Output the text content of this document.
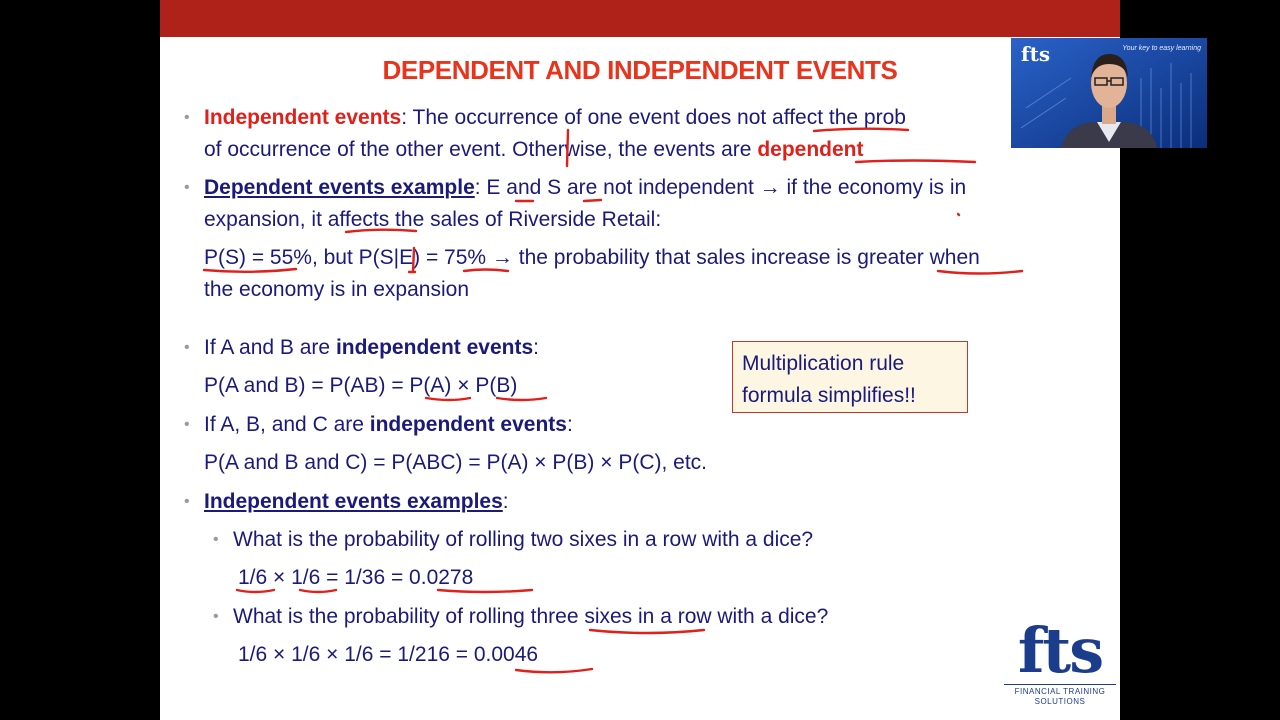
DEPENDENT AND INDEPENDENT EVENTS
• Independent events: The occurrence of one event does not affect the prob
of occurrence of the other event. Otherwise, the events are dependent
• Dependent events example: E and S are not independent → if the economy is in
expansion, it affects the sales of Riverside Retail:
P(S) = 55%, but P(S|E) = 75% → the probability that sales increase is greater when
the economy is in expansion
• If A and B are independent events:
P(A and B) = P(AB) = P(A) × P(B)
• If A, B, and C are independent events:
P(A and B and C) = P(ABC) = P(A) × P(B) × P(C), etc.
• Independent events examples:
• What is the probability of rolling two sixes in a row with a dice?
1/6 × 1/6 = 1/36 = 0.0278
• What is the probability of rolling three sixes in a row with a dice?
1/6 × 1/6 × 1/6 = 1/216 = 0.0046
Multiplication rule
formula simplifies!!
fts
FINANCIAL TRAINING
SOLUTIONS
fts	Your key to easy learning
